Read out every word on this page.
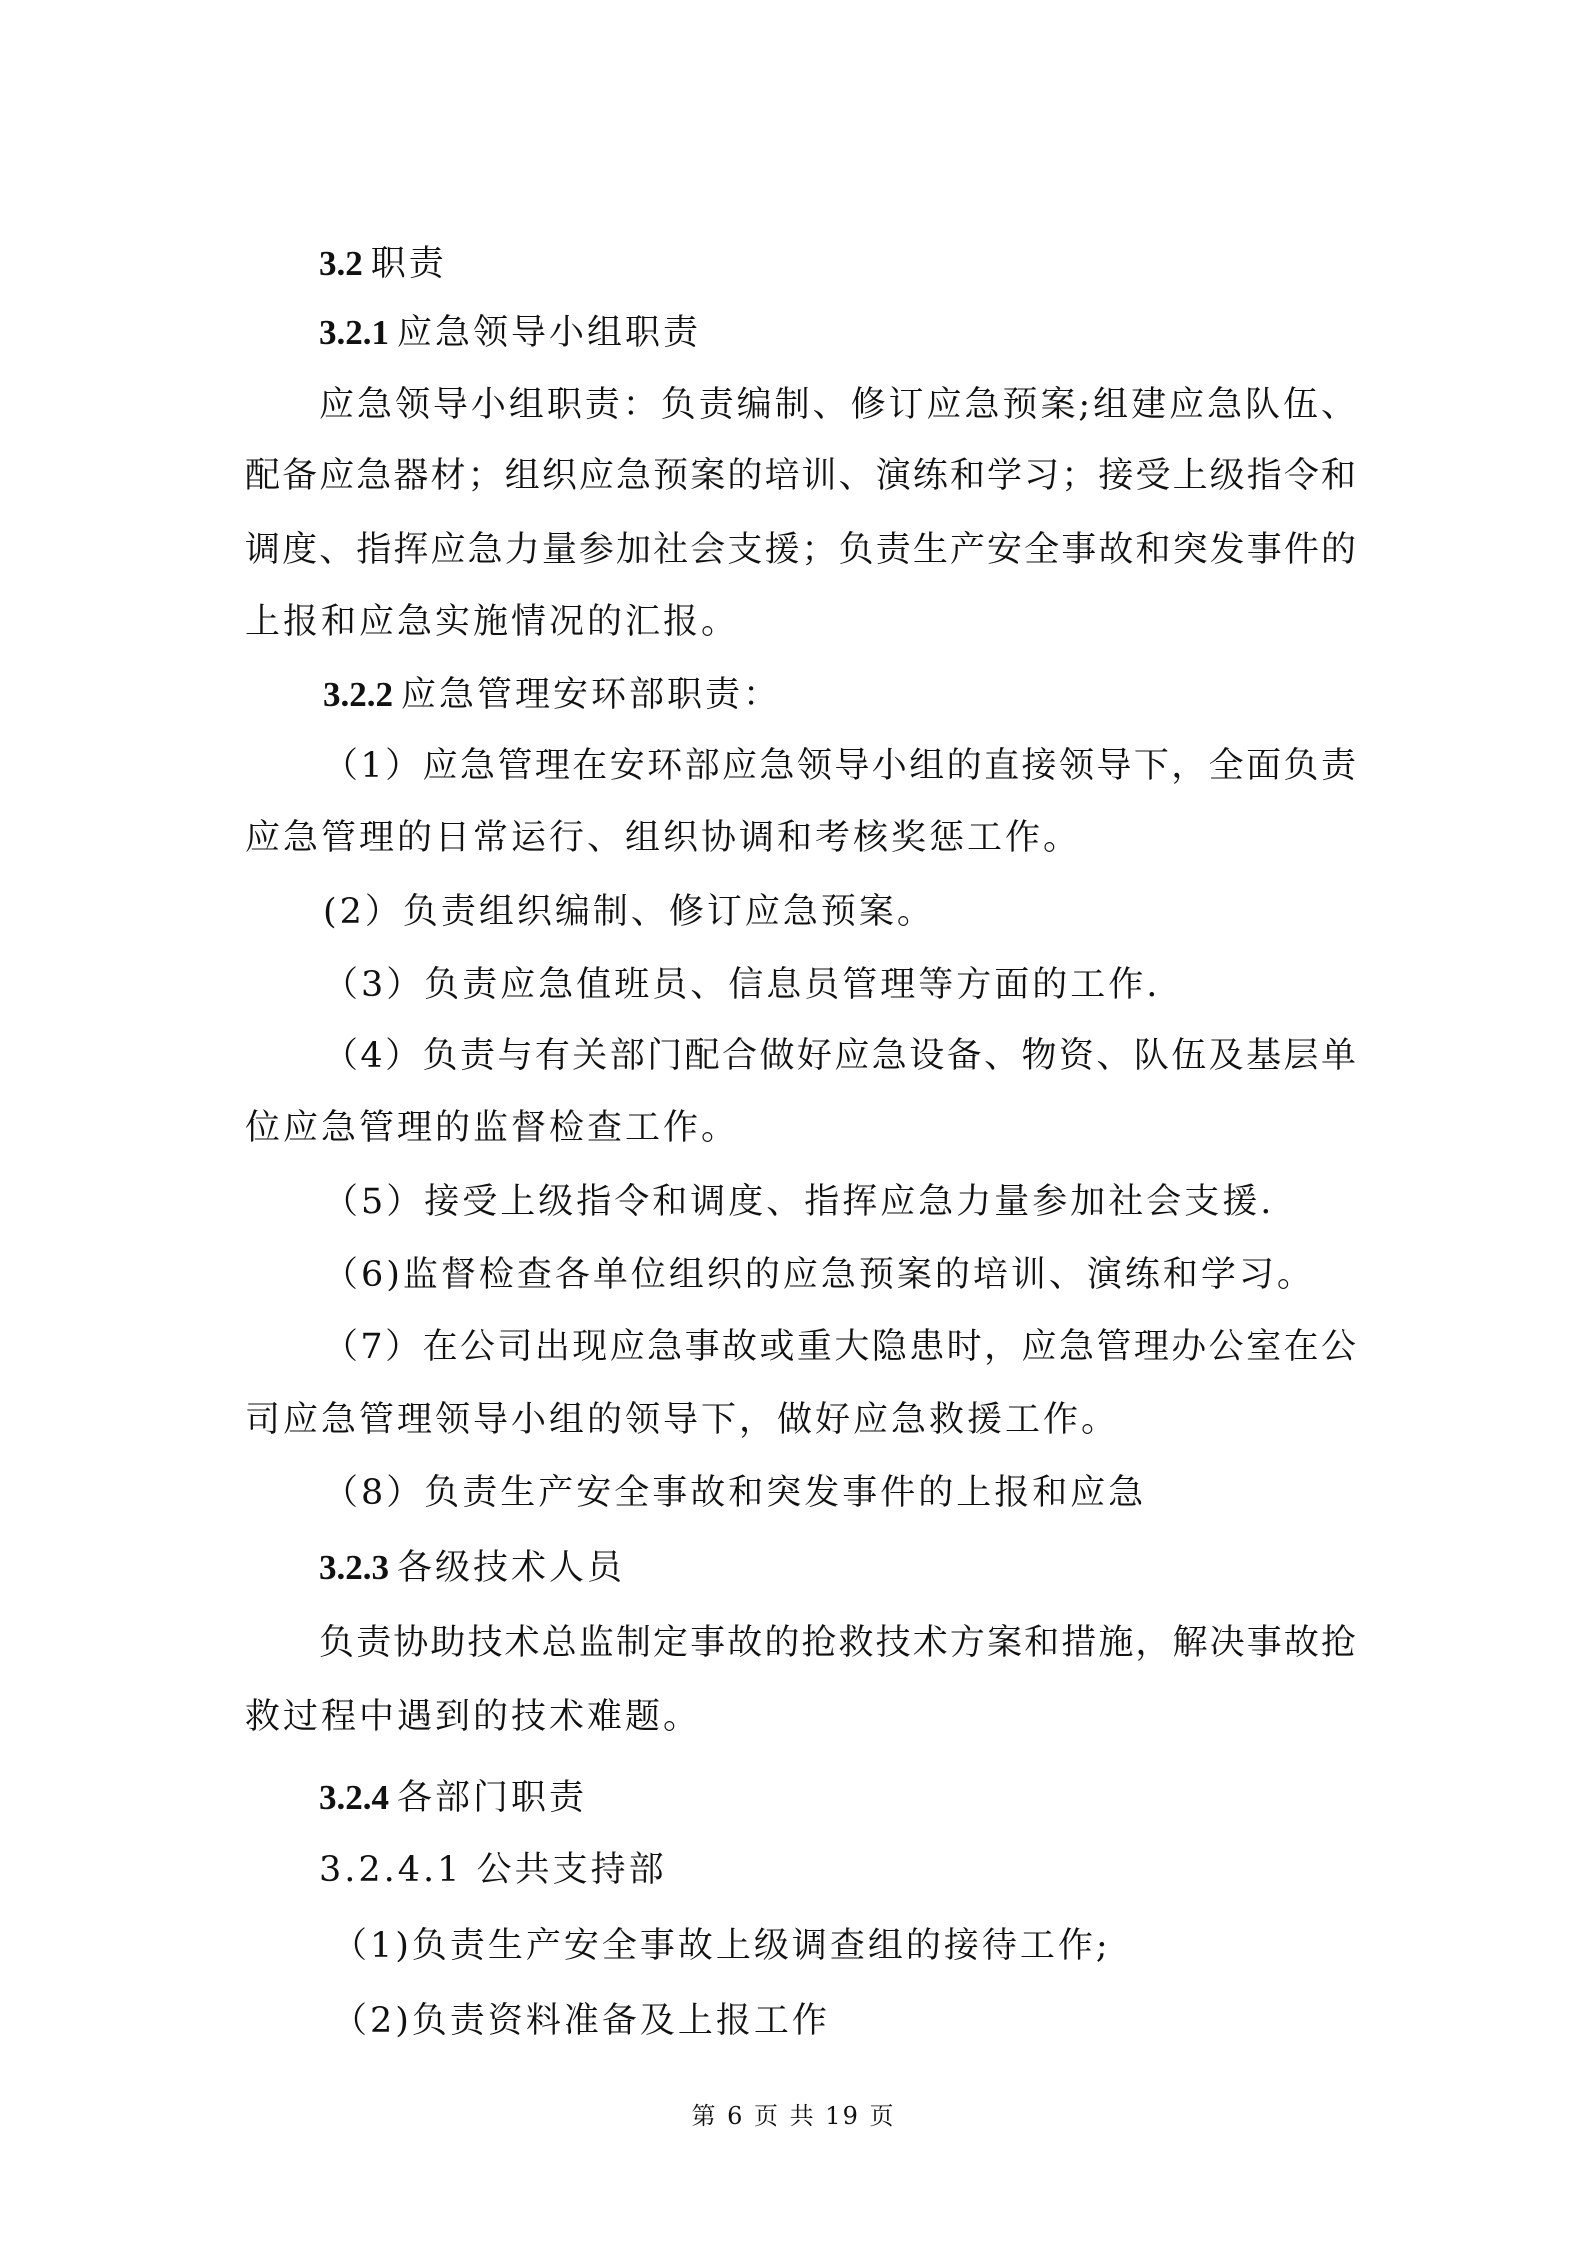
3.2 职责
3.2.1 应急领导小组职责
应急领导小组职责：负责编制、修订应急预案;组建应急队伍、
配备应急器材；组织应急预案的培训、演练和学习；接受上级指令和
调度、指挥应急力量参加社会支援；负责生产安全事故和突发事件的
上报和应急实施情况的汇报。
3.2.2 应急管理安环部职责：
（1）应急管理在安环部应急领导小组的直接领导下，全面负责
应急管理的日常运行、组织协调和考核奖惩工作。
(2）负责组织编制、修订应急预案。
（3）负责应急值班员、信息员管理等方面的工作.
（4）负责与有关部门配合做好应急设备、物资、队伍及基层单
位应急管理的监督检查工作。
（5）接受上级指令和调度、指挥应急力量参加社会支援.
（6)监督检查各单位组织的应急预案的培训、演练和学习。
（7）在公司出现应急事故或重大隐患时，应急管理办公室在公
司应急管理领导小组的领导下，做好应急救援工作。
（8）负责生产安全事故和突发事件的上报和应急
3.2.3 各级技术人员
负责协助技术总监制定事故的抢救技术方案和措施，解决事故抢
救过程中遇到的技术难题。
3.2.4 各部门职责
3.2.4.1 公共支持部
（1)负责生产安全事故上级调查组的接待工作;
（2)负责资料准备及上报工作
第 6 页 共 19 页
